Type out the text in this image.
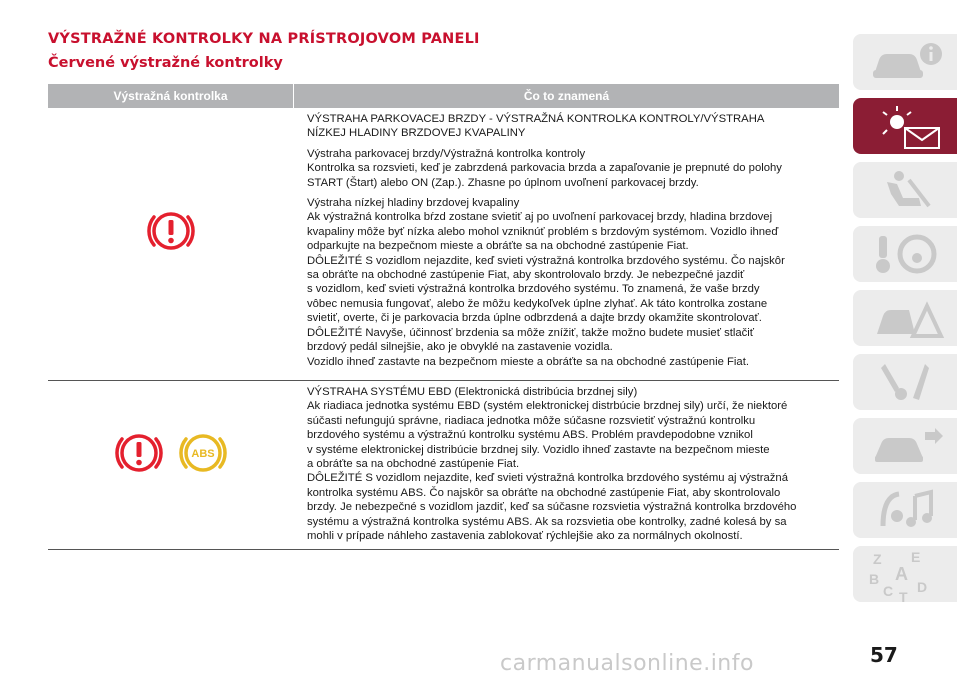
VÝSTRAŽNÉ KONTROLKY NA PRÍSTROJOVOM PANELI
Červené výstražné kontrolky
Výstražná kontrolka	Čo to znamená

VÝSTRAHA PARKOVACEJ BRZDY - VÝSTRAŽNÁ KONTROLKA KONTROLY/VÝSTRAHA
NÍZKEJ HLADINY BRZDOVEJ KVAPALINY

Výstraha parkovacej brzdy/Výstražná kontrolka kontroly
Kontrolka sa rozsvieti, keď je zabrzdená parkovacia brzda a zapaľovanie je prepnuté do polohy
START (Štart) alebo ON (Zap.). Zhasne po úplnom uvoľnení parkovacej brzdy.

Výstraha nízkej hladiny brzdovej kvapaliny
Ak výstražná kontrolka bŕzd zostane svietiť aj po uvoľnení parkovacej brzdy, hladina brzdovej
kvapaliny môže byť nízka alebo mohol vzniknúť problém s brzdovým systémom. Vozidlo ihneď
odparkujte na bezpečnom mieste a obráťte sa na obchodné zastúpenie Fiat.
DÔLEŽITÉ S vozidlom nejazdite, keď svieti výstražná kontrolka brzdového systému. Čo najskôr
sa obráťte na obchodné zastúpenie Fiat, aby skontrolovalo brzdy. Je nebezpečné jazdiť
s vozidlom, keď svieti výstražná kontrolka brzdového systému. To znamená, že vaše brzdy
vôbec nemusia fungovať, alebo že môžu kedykoľvek úplne zlyhať. Ak táto kontrolka zostane
svietiť, overte, či je parkovacia brzda úplne odbrzdená a dajte brzdy okamžite skontrolovať.
DÔLEŽITÉ Navyše, účinnosť brzdenia sa môže znížiť, takže možno budete musieť stlačiť
brzdový pedál silnejšie, ako je obvyklé na zastavenie vozidla.
Vozidlo ihneď zastavte na bezpečnom mieste a obráťte sa na obchodné zastúpenie Fiat.

ABS

VÝSTRAHA SYSTÉMU EBD (Elektronická distribúcia brzdnej sily)
Ak riadiaca jednotka systému EBD (systém elektronickej distrbúcie brzdnej sily) určí, že niektoré
súčasti nefungujú správne, riadiaca jednotka môže súčasne rozsvietiť výstražnú kontrolku
brzdového systému a výstražnú kontrolku systému ABS. Problém pravdepodobne vznikol
v systéme elektronickej distribúcie brzdnej sily. Vozidlo ihneď zastavte na bezpečnom mieste
a obráťte sa na obchodné zastúpenie Fiat.
DÔLEŽITÉ S vozidlom nejazdite, keď svieti výstražná kontrolka brzdového systému aj výstražná
kontrolka systému ABS. Čo najskôr sa obráťte na obchodné zastúpenie Fiat, aby skontrolovalo
brzdy. Je nebezpečné s vozidlom jazdiť, keď sa súčasne rozsvietia výstražná kontrolka brzdového
systému a výstražná kontrolka systému ABS. Ak sa rozsvietia obe kontrolky, zadné kolesá by sa
mohli v prípade náhleho zastavenia zablokovať rýchlejšie ako za normálnych okolností.

Z E
A
B
C T
D
carmanualsonline.info	57
